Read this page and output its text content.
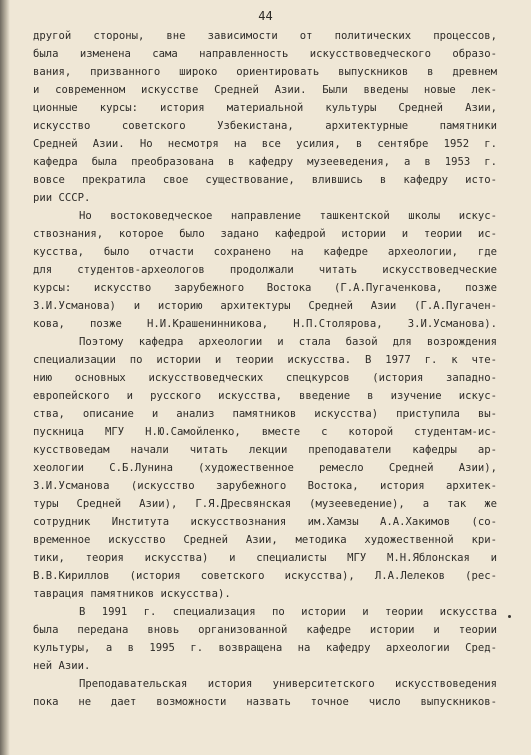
44
другой стороны, вне зависимости от политических процессов,
была изменена сама направленность искусствоведческого образо-
вания, призванного широко ориентировать выпускников в древнем
и современном искусстве Средней Азии. Были введены новые лек-
ционные курсы: история материальной культуры Средней Азии,
искусство советского Узбекистана, архитектурные памятники
Средней Азии. Но несмотря на все усилия, в сентябре 1952 г.
кафедра была преобразована в кафедру музееведения, а в 1953 г.
вовсе прекратила свое существование, влившись в кафедру исто-
рии СССР.
Но востоковедческое направление ташкентской школы искус-
ствознания, которое было задано кафедрой истории и теории ис-
кусства, было отчасти сохранено на кафедре археологии, где
для студентов-археологов продолжали читать искусствоведческие
курсы: искусство зарубежного Востока (Г.А.Пугаченкова, позже
З.И.Усманова) и историю архитектуры Средней Азии (Г.А.Пугачен-
кова, позже Н.И.Крашенинникова, Н.П.Столярова, З.И.Усманова).
Поэтому кафедра археологии и стала базой для возрождения
специализации по истории и теории искусства. В 1977 г. к чте-
нию основных искусствоведческих спецкурсов (история западно-
европейского и русского искусства, введение в изучение искус-
ства, описание и анализ памятников искусства) приступила вы-
пускница МГУ Н.Ю.Самойленко, вместе с которой студентам-ис-
кусствоведам начали читать лекции преподаватели кафедры ар-
хеологии С.Б.Лунина (художественное ремесло Средней Азии),
З.И.Усманова (искусство зарубежного Востока, история архитек-
туры Средней Азии), Г.Я.Дресвянская (музееведение), а так же
сотрудник Института искусствознания им.Хамзы А.А.Хакимов (со-
временное искусство Средней Азии, методика художественной кри-
тики, теория искусства) и специалисты МГУ М.Н.Яблонская и
В.В.Кириллов (история советского искусства), Л.А.Лелеков (рес-
таврация памятников искусства).
В 1991 г. специализация по истории и теории искусства
была передана вновь организованной кафедре истории и теории
культуры, а в 1995 г. возвращена на кафедру археологии Сред-
ней Азии.
Преподавательская история университетского искусствоведения
пока не дает возможности назвать точное число выпускников-
